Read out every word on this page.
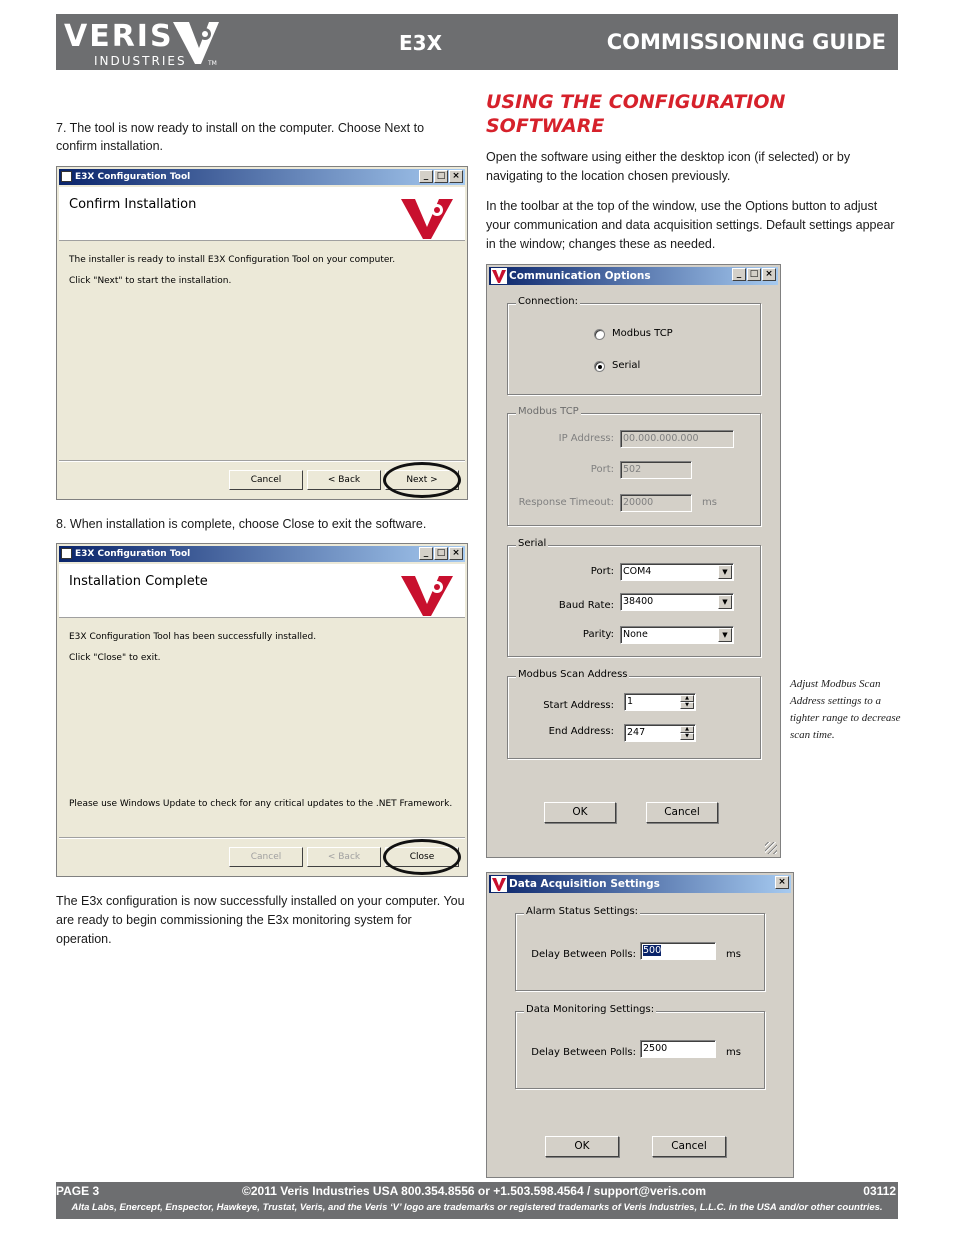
VERIS
INDUSTRIES	TM
E3X	COMMISSIONING GUIDE
7. The tool is now ready to install on the computer. Choose Next to confirm installation.
E3X Configuration Tool	_ □ ×
Confirm Installation
The installer is ready to install E3X Configuration Tool on your computer.
Click "Next" to start the installation.
Cancel	< Back	Next >
8. When installation is complete, choose Close to exit the software.
E3X Configuration Tool	_ □ ×
Installation Complete
E3X Configuration Tool has been successfully installed.
Click "Close" to exit.
Please use Windows Update to check for any critical updates to the .NET Framework.
Cancel	< Back	Close
The E3x configuration is now successfully installed on your computer. You are ready to begin commissioning the E3x monitoring system for operation.
USING THE CONFIGURATION SOFTWARE
Open the software using either the desktop icon (if selected) or by navigating to the location chosen previously.
In the toolbar at the top of the window, use the Options button to adjust your communication and data acquisition settings. Default settings appear in the window; changes these as needed.
Communication Options	_ □ ×
Connection:
Modbus TCP
Serial
Modbus TCP
IP Address: 00.000.000.000
Port: 502
Response Timeout: 20000	ms
Serial
Port: COM4	▼
Baud Rate: 38400	▼
Parity: None	▼
Modbus Scan Address
Start Address:	1	▲
▼
End Address:	247	▲
▼
OK	Cancel
Adjust Modbus Scan Address settings to a tighter range to decrease scan time.
Data Acquisition Settings	×
Alarm Status Settings:
Delay Between Polls: 500	ms
Data Monitoring Settings:
Delay Between Polls: 2500	ms
OK	Cancel
PAGE 3	©2011 Veris Industries USA 800.354.8556 or +1.503.598.4564 / support@veris.com	03112
Alta Labs, Enercept, Enspector, Hawkeye, Trustat, Veris, and the Veris ‘V’ logo are trademarks or registered trademarks of Veris Industries, L.L.C. in the USA and/or other countries.
